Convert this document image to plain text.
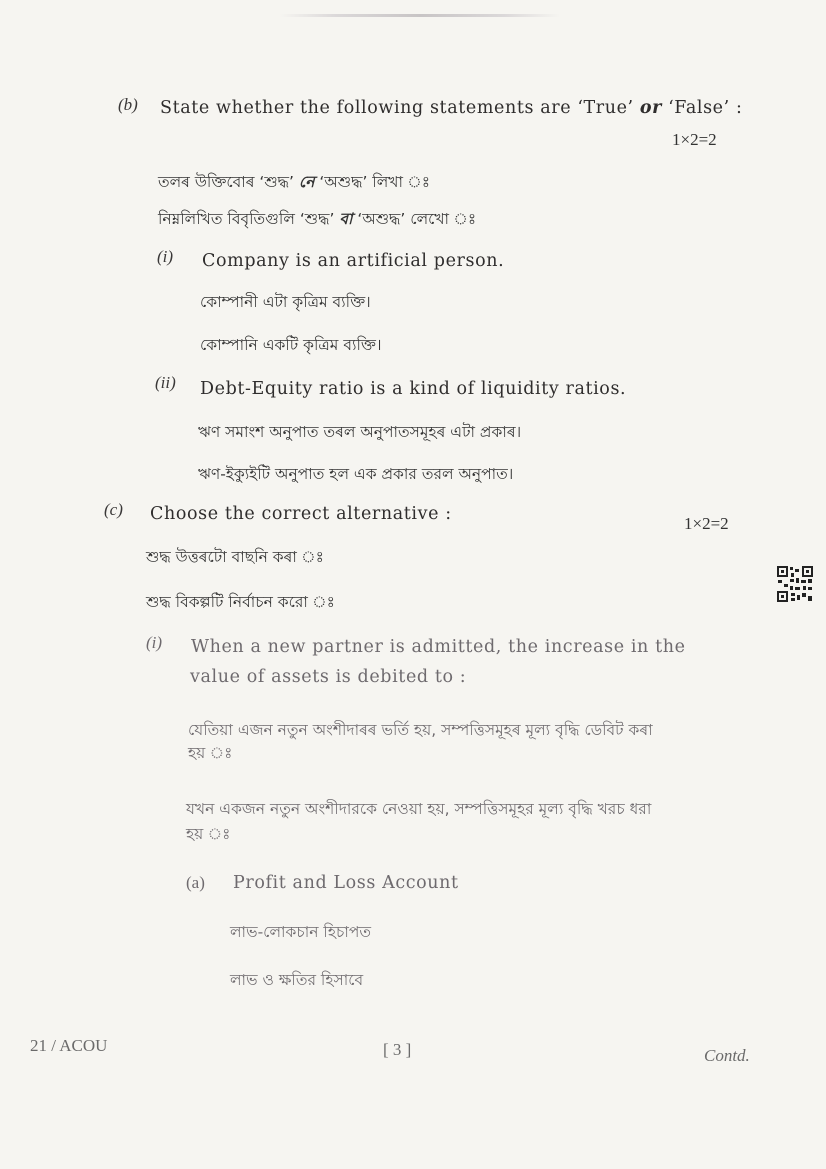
(b) State whether the following statements are ‘True’ or ‘False’ :
1×2=2
তলৰ উক্তিবোৰ ‘শুদ্ধ’ নে ‘অশুদ্ধ’ লিখা ঃ
নিম্নলিখিত বিবৃতিগুলি ‘শুদ্ধ’ বা ‘অশুদ্ধ’ লেখো ঃ
(i) Company is an artificial person.
কোম্পানী এটা কৃত্ৰিম ব্যক্তি।
কোম্পানি একটি কৃত্রিম ব্যক্তি।
(ii) Debt-Equity ratio is a kind of liquidity ratios.
ঋণ সমাংশ অনুপাত তৰল অনুপাতসমূহৰ এটা প্ৰকাৰ।
ঋণ-ইক্যুইটি অনুপাত হল এক প্রকার তরল অনুপাত।
(c) Choose the correct alternative :	1×2=2
শুদ্ধ উত্তৰটো বাছনি কৰা ঃ
শুদ্ধ বিকল্পটি নির্বাচন করো ঃ
(i) When a new partner is admitted, the increase in the
value of assets is debited to :
যেতিয়া এজন নতুন অংশীদাৰৰ ভৰ্তি হয়, সম্পত্তিসমূহৰ মূল্য বৃদ্ধি ডেবিট কৰা
হয় ঃ
যখন একজন নতুন অংশীদারকে নেওয়া হয়, সম্পত্তিসমূহর মূল্য বৃদ্ধি খরচ ধরা
হয় ঃ
(a) Profit and Loss Account
লাভ-লোকচান হিচাপত
লাভ ও ক্ষতির হিসাবে
21 / ACOU	[ 3 ]	Contd.
